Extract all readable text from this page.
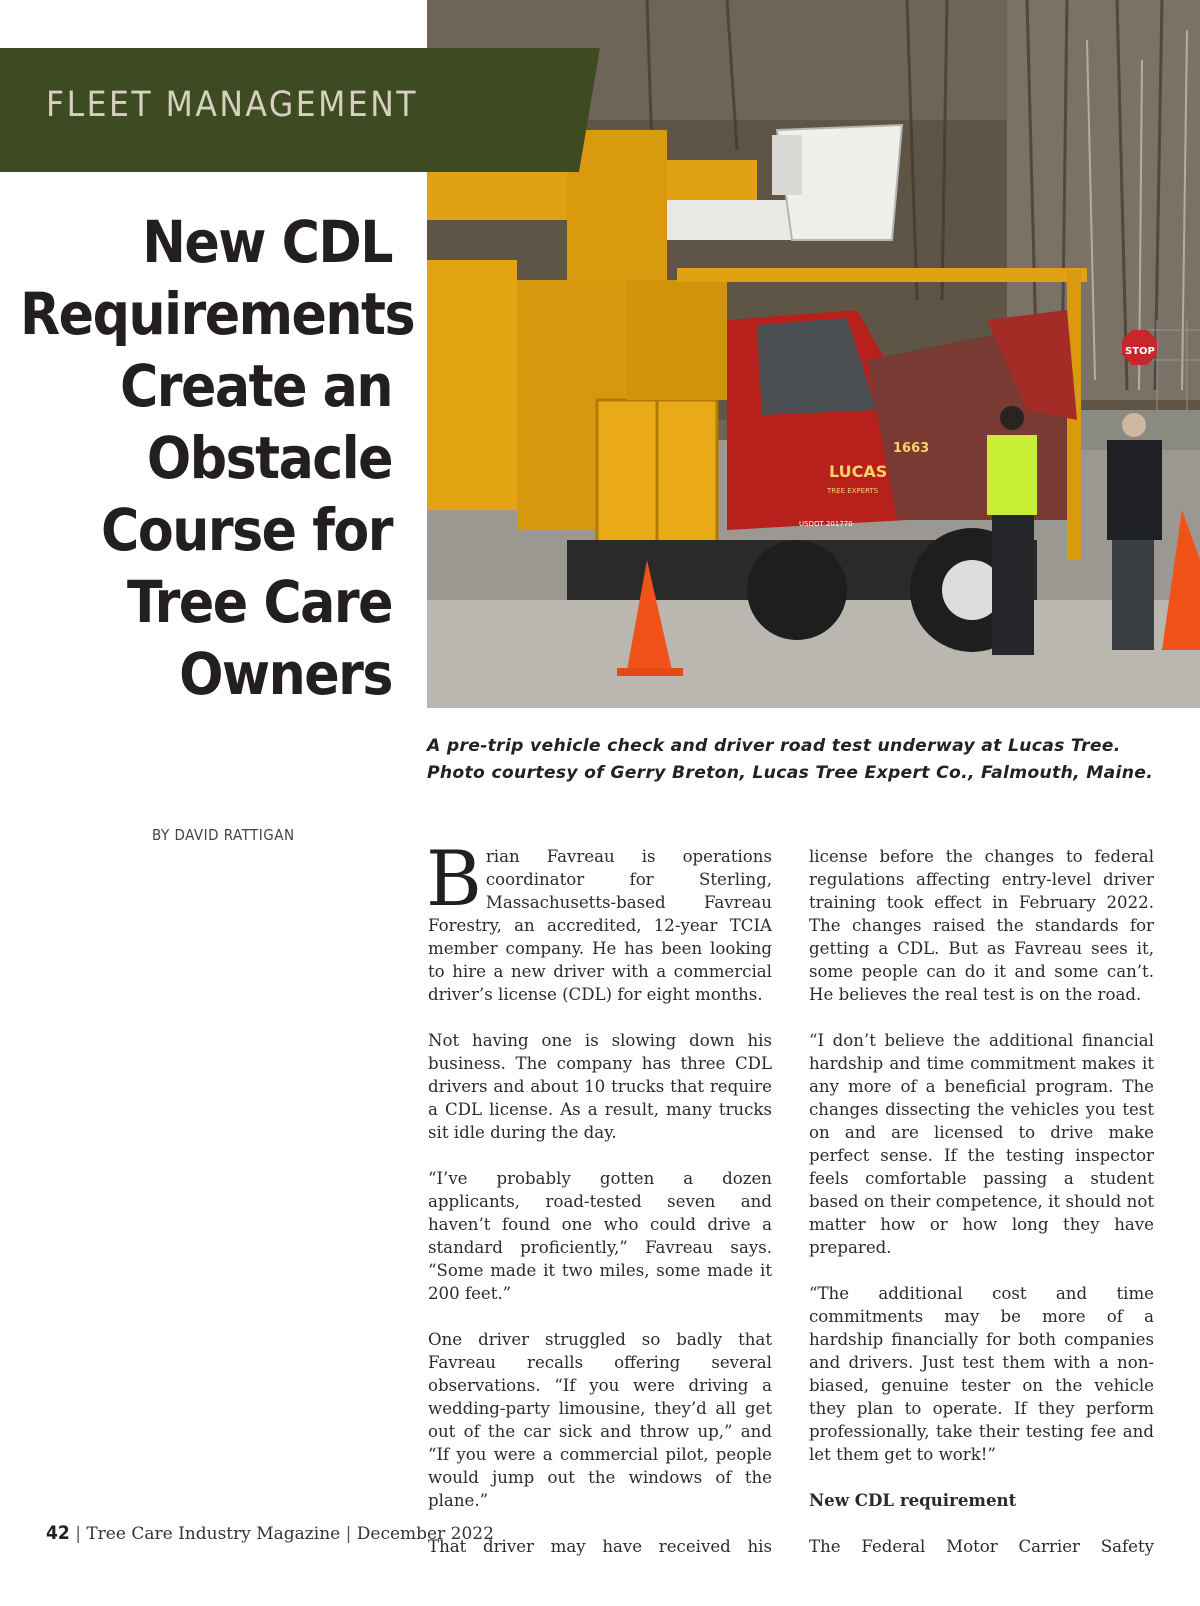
LUCAS
TREE EXPERTS
1663
USDOT 201770
STOP
FLEET MANAGEMENT
New CDL
Requirements
Create an
Obstacle
Course for
Tree Care
Owners

A pre-trip vehicle check and driver road test underway at Lucas Tree. Photo courtesy of Gerry Breton, Lucas Tree Expert Co., Falmouth, Maine.

BY DAVID RATTIGAN Brian Favreau is operations coordinator for Sterling, Massachusetts-based Favreau Forestry, an accredited, 12-year TCIA member company. He has been looking to hire a new driver with a commercial driver’s license (CDL) for eight months.

Not having one is slowing down his business. The company has three CDL drivers and about 10 trucks that require a CDL license. As a result, many trucks sit idle during the day.

“I’ve probably gotten a dozen applicants, road-tested seven and haven’t found one who could drive a standard proficiently,” Favreau says. “Some made it two miles, some made it 200 feet.”

One driver struggled so badly that Favreau recalls offering several observations. “If you were driving a wedding-party limousine, they’d all get out of the car sick and throw up,” and “If you were a commercial pilot, people would jump out the windows of the plane.”

That driver may have received his

license before the changes to federal regulations affecting entry-level driver training took effect in February 2022. The changes raised the standards for getting a CDL. But as Favreau sees it, some people can do it and some can’t. He believes the real test is on the road.

“I don’t believe the additional financial hardship and time commitment makes it any more of a beneficial program. The changes dissecting the vehicles you test on and are licensed to drive make perfect sense. If the testing inspector feels comfortable passing a student based on their competence, it should not matter how or how long they have prepared.

“The additional cost and time commitments may be more of a hardship financially for both companies and drivers. Just test them with a non-biased, genuine tester on the vehicle they plan to operate. If they perform professionally, take their testing fee and let them get to work!”

New CDL requirement

The Federal Motor Carrier Safety

42 | Tree Care Industry Magazine | December 2022
